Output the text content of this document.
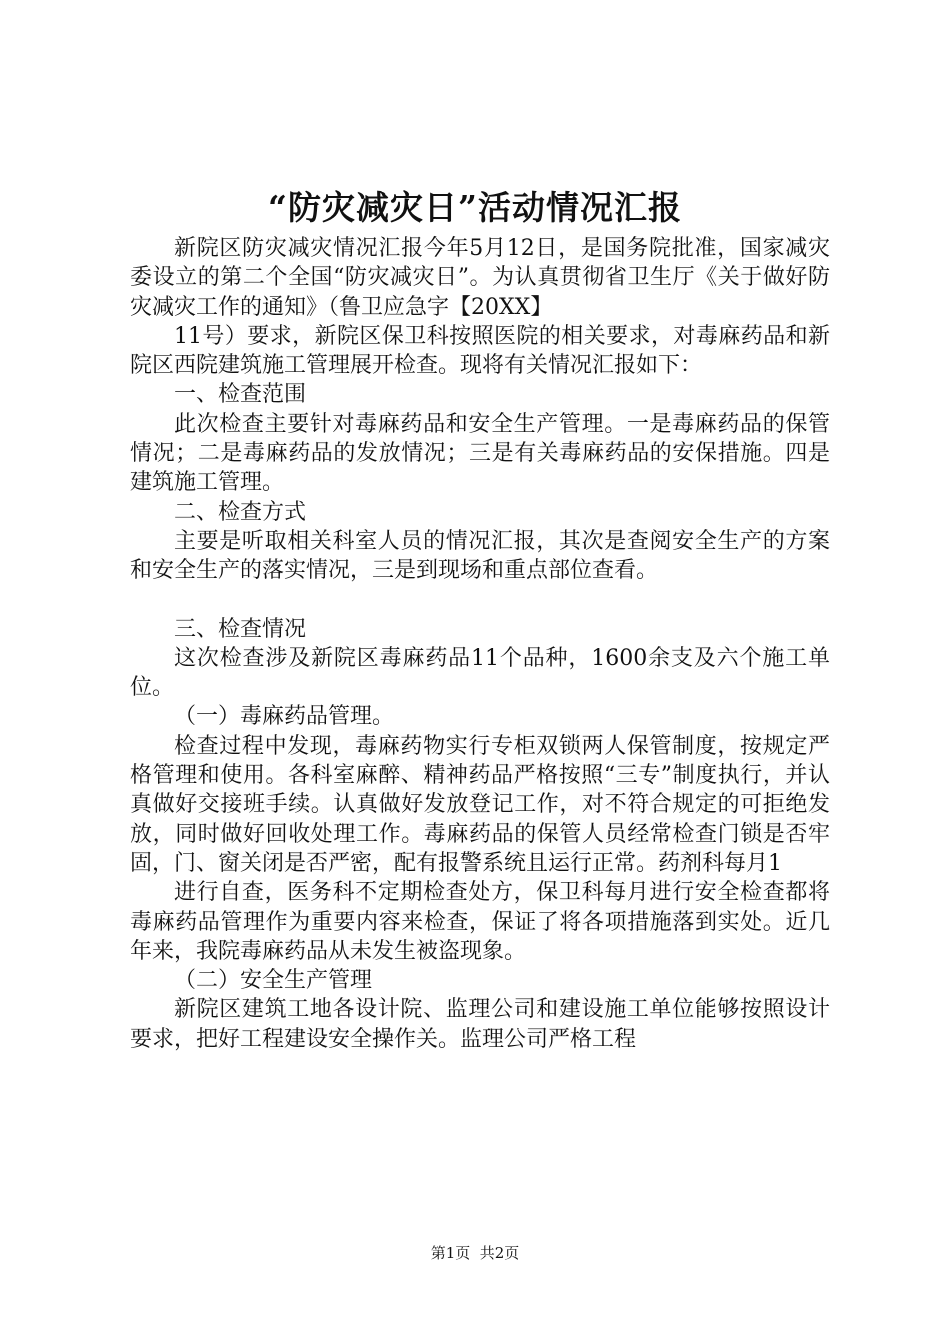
“防灾减灾日”活动情况汇报

新院区防灾减灾情况汇报今年5月12日，是国务院批准，国家减灾委设立的第二个全国“防灾减灾日”。为认真贯彻省卫生厅《关于做好防灾减灾工作的通知》（鲁卫应急字【20XX】

11号）要求，新院区保卫科按照医院的相关要求，对毒麻药品和新院区西院建筑施工管理展开检查。现将有关情况汇报如下：

一、检查范围

此次检查主要针对毒麻药品和安全生产管理。一是毒麻药品的保管情况；二是毒麻药品的发放情况；三是有关毒麻药品的安保措施。四是建筑施工管理。

二、检查方式

主要是听取相关科室人员的情况汇报，其次是查阅安全生产的方案和安全生产的落实情况，三是到现场和重点部位查看。

三、检查情况

这次检查涉及新院区毒麻药品11个品种，1600余支及六个施工单位。

（一）毒麻药品管理。

检查过程中发现，毒麻药物实行专柜双锁两人保管制度，按规定严格管理和使用。各科室麻醉、精神药品严格按照“三专”制度执行，并认真做好交接班手续。认真做好发放登记工作，对不符合规定的可拒绝发放，同时做好回收处理工作。毒麻药品的保管人员经常检查门锁是否牢固，门、窗关闭是否严密，配有报警系统且运行正常。药剂科每月1

进行自查，医务科不定期检查处方，保卫科每月进行安全检查都将毒麻药品管理作为重要内容来检查，保证了将各项措施落到实处。近几年来，我院毒麻药品从未发生被盗现象。

（二）安全生产管理

新院区建筑工地各设计院、监理公司和建设施工单位能够按照设计要求，把好工程建设安全操作关。监理公司严格工程

第1页  共2页
